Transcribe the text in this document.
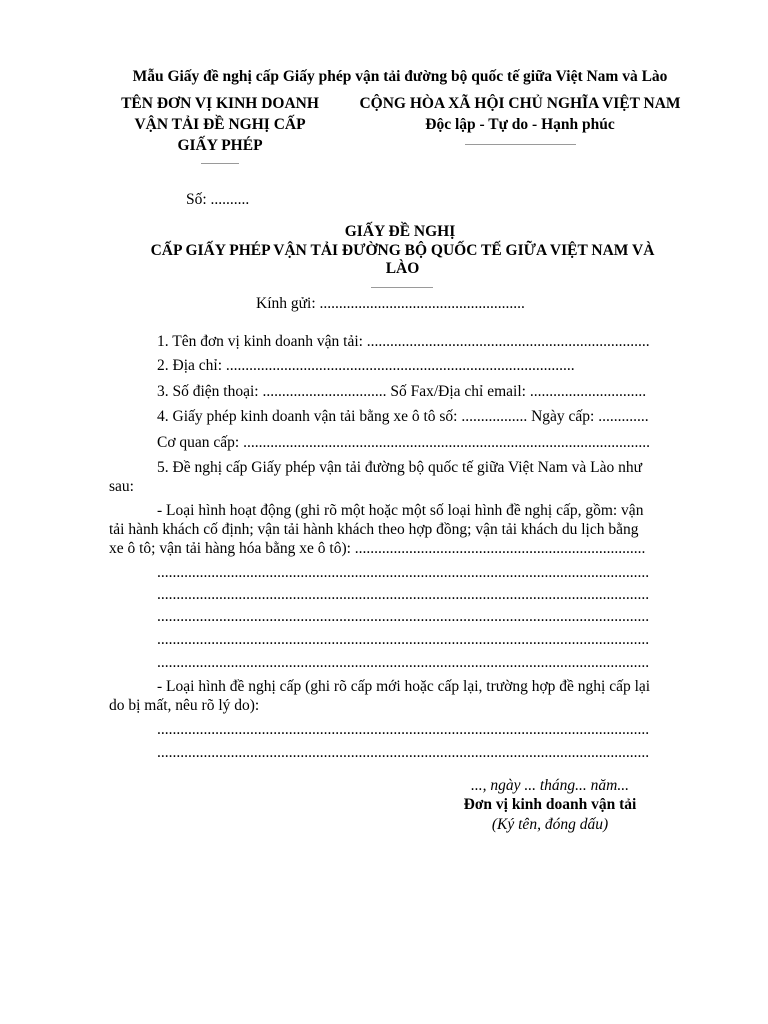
Mẫu Giấy đề nghị cấp Giấy phép vận tải đường bộ quốc tế giữa Việt Nam và Lào
TÊN ĐƠN VỊ KINH DOANH
VẬN TẢI ĐỀ NGHỊ CẤP
GIẤY PHÉP
CỘNG HÒA XÃ HỘI CHỦ NGHĨA VIỆT NAM
Độc lập - Tự do - Hạnh phúc
Số: ..........
GIẤY ĐỀ NGHỊ
CẤP GIẤY PHÉP VẬN TẢI ĐƯỜNG BỘ QUỐC TẾ GIỮA VIỆT NAM VÀ
LÀO
Kính gửi: .....................................................
1. Tên đơn vị kinh doanh vận tải: .........................................................................
2. Địa chỉ: ..........................................................................................
3. Số điện thoại: ................................ Số Fax/Địa chỉ email: ..............................
4. Giấy phép kinh doanh vận tải bằng xe ô tô số: ................. Ngày cấp: .............
Cơ quan cấp: .........................................................................................................
5. Đề nghị cấp Giấy phép vận tải đường bộ quốc tế giữa Việt Nam và Lào như
sau:
- Loại hình hoạt động (ghi rõ một hoặc một số loại hình đề nghị cấp, gồm: vận
tải hành khách cố định; vận tải hành khách theo hợp đồng; vận tải khách du lịch bằng
xe ô tô; vận tải hàng hóa bằng xe ô tô): ...........................................................................
...............................................................................................................................
...............................................................................................................................
...............................................................................................................................
...............................................................................................................................
...............................................................................................................................
- Loại hình đề nghị cấp (ghi rõ cấp mới hoặc cấp lại, trường hợp đề nghị cấp lại
do bị mất, nêu rõ lý do):
...............................................................................................................................
...............................................................................................................................
..., ngày ... tháng... năm...
Đơn vị kinh doanh vận tải
(Ký tên, đóng dấu)
